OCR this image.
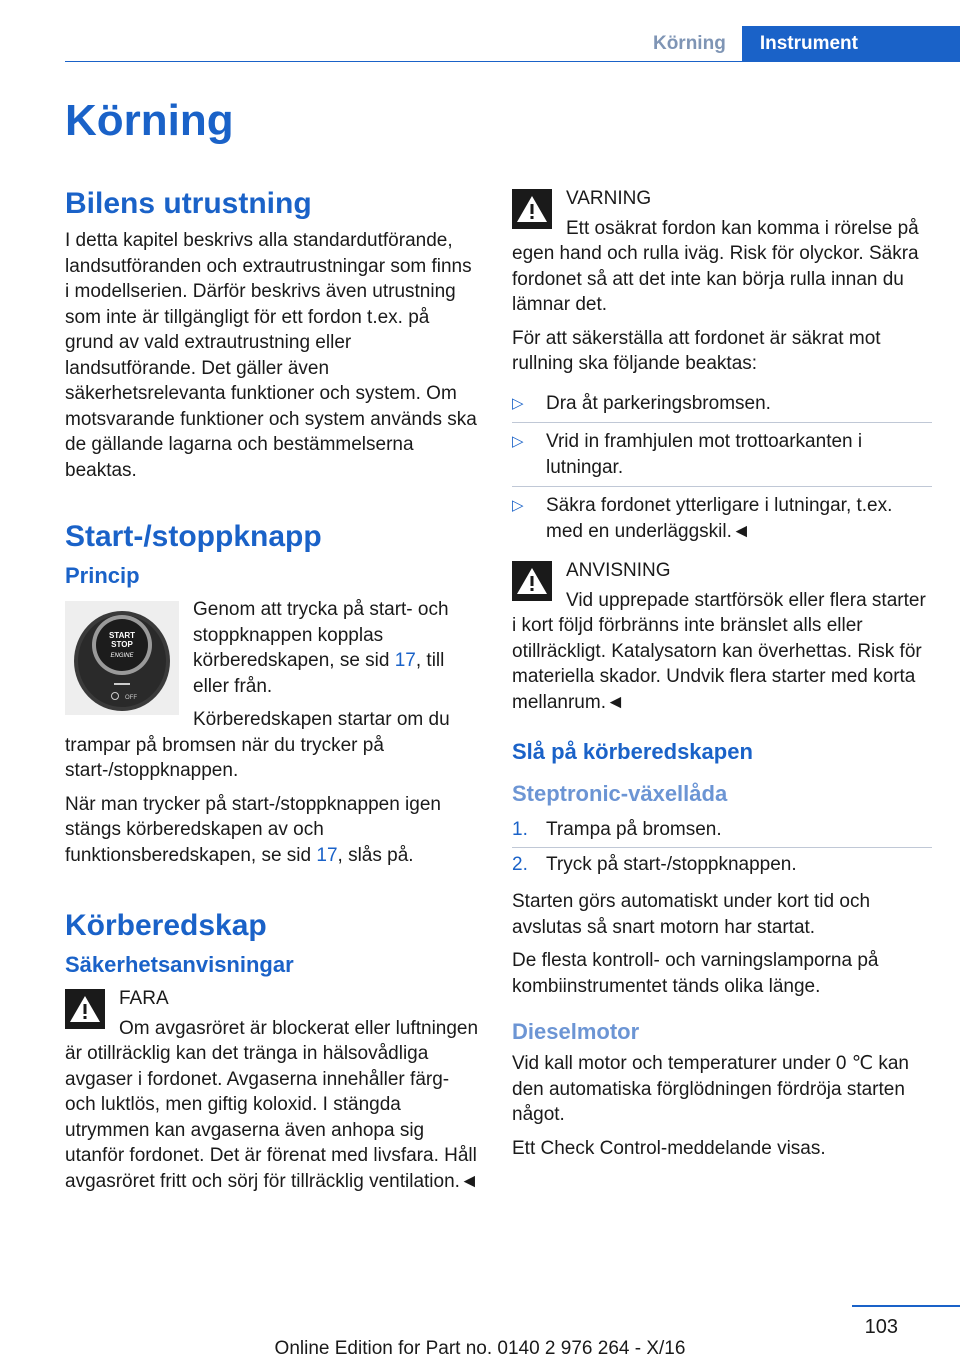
Körning	Instrument
Körning
Bilens utrustning

I detta kapitel beskrivs alla standardutförande, landsutföranden och extrautrustningar som finns i modellserien. Därför beskrivs även utrustning som inte är tillgängligt för ett fordon t.ex. på grund av vald extrautrustning eller landsutförande. Det gäller även säkerhetsrelevanta funktioner och system. Om motsvarande funktioner och system används ska de gällande lagarna och bestämmelserna beaktas.

Start-/stoppknapp
Princip
START
STOP
ENGINE
OFF

Genom att trycka på start- och stoppknappen kopplas körberedskapen, se sid 17, till eller från.

Körberedskapen startar om du trampar på bromsen när du trycker på start-/stoppknappen.

När man trycker på start-/stoppknappen igen stängs körberedskapen av och funktionsberedskapen, se sid 17, slås på.

Körberedskap
Säkerhetsanvisningar
FARA

Om avgasröret är blockerat eller luftningen är otillräcklig kan det tränga in hälsovådliga avgaser i fordonet. Avgaserna innehåller färg- och luktlös, men giftig koloxid. I stängda utrymmen kan avgaserna även anhopa sig utanför fordonet. Det är förenat med livsfara. Håll avgasröret fritt och sörj för tillräcklig ventilation.◄

VARNING

Ett osäkrat fordon kan komma i rörelse på egen hand och rulla iväg. Risk för olyckor. Säkra fordonet så att det inte kan börja rulla innan du lämnar det.

För att säkerställa att fordonet är säkrat mot rullning ska följande beaktas:

▷ Dra åt parkeringsbromsen.
▷ Vrid in framhjulen mot trottoarkanten i lutningar.
▷ Säkra fordonet ytterligare i lutningar, t.ex. med en underläggskil.◄
ANVISNING

Vid upprepade startförsök eller flera starter i kort följd förbränns inte bränslet alls eller otillräckligt. Katalysatorn kan överhettas. Risk för materiella skador. Undvik flera starter med korta mellanrum.◄

Slå på körberedskapen
Steptronic-växellåda
1. Trampa på bromsen.
2. Tryck på start-/stoppknappen.

Starten görs automatiskt under kort tid och avslutas så snart motorn har startat.

De flesta kontroll- och varningslamporna på kombiinstrumentet tänds olika länge.

Dieselmotor

Vid kall motor och temperaturer under 0 ℃ kan den automatiska förglödningen fördröja starten något.

Ett Check Control-meddelande visas.

103
Online Edition for Part no. 0140 2 976 264 - X/16
